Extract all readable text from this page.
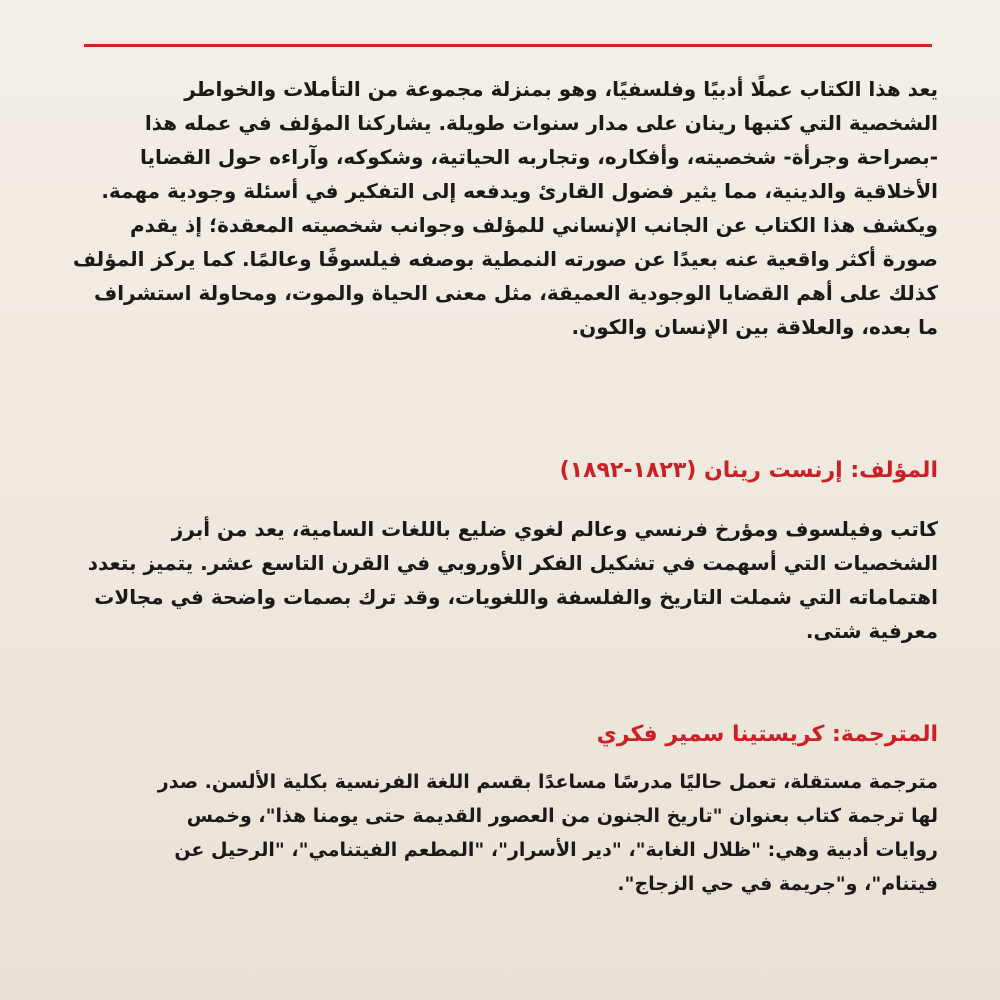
يعد هذا الكتاب عملًا أدبيًا وفلسفيًا، وهو بمنزلة مجموعة من التأملات والخواطر
الشخصية التي كتبها رينان على مدار سنوات طويلة. يشاركنا المؤلف في عمله هذا
-بصراحة وجرأة- شخصيته، وأفكاره، وتجاربه الحياتية، وشكوكه، وآراءه حول القضايا
الأخلاقية والدينية، مما يثير فضول القارئ ويدفعه إلى التفكير في أسئلة وجودية مهمة.
ويكشف هذا الكتاب عن الجانب الإنساني للمؤلف وجوانب شخصيته المعقدة؛ إذ يقدم
صورة أكثر واقعية عنه بعيدًا عن صورته النمطية بوصفه فيلسوفًا وعالمًا. كما يركز المؤلف
كذلك على أهم القضايا الوجودية العميقة، مثل معنى الحياة والموت، ومحاولة استشراف
ما بعده، والعلاقة بين الإنسان والكون.
المؤلف: إرنست رينان (١٨٢٣-١٨٩٢)
كاتب وفيلسوف ومؤرخ فرنسي وعالم لغوي ضليع باللغات السامية، يعد من أبرز
الشخصيات التي أسهمت في تشكيل الفكر الأوروبي في القرن التاسع عشر. يتميز بتعدد
اهتماماته التي شملت التاريخ والفلسفة واللغويات، وقد ترك بصمات واضحة في مجالات
معرفية شتى.
المترجمة: كريستينا سمير فكري
مترجمة مستقلة، تعمل حاليًا مدرسًا مساعدًا بقسم اللغة الفرنسية بكلية الألسن. صدر
لها ترجمة كتاب بعنوان "تاريخ الجنون من العصور القديمة حتى يومنا هذا"، وخمس
روايات أدبية وهي: "ظلال الغابة"، "دير الأسرار"، "المطعم الفيتنامي"، "الرحيل عن
فيتنام"، و"جريمة في حي الزجاج".
